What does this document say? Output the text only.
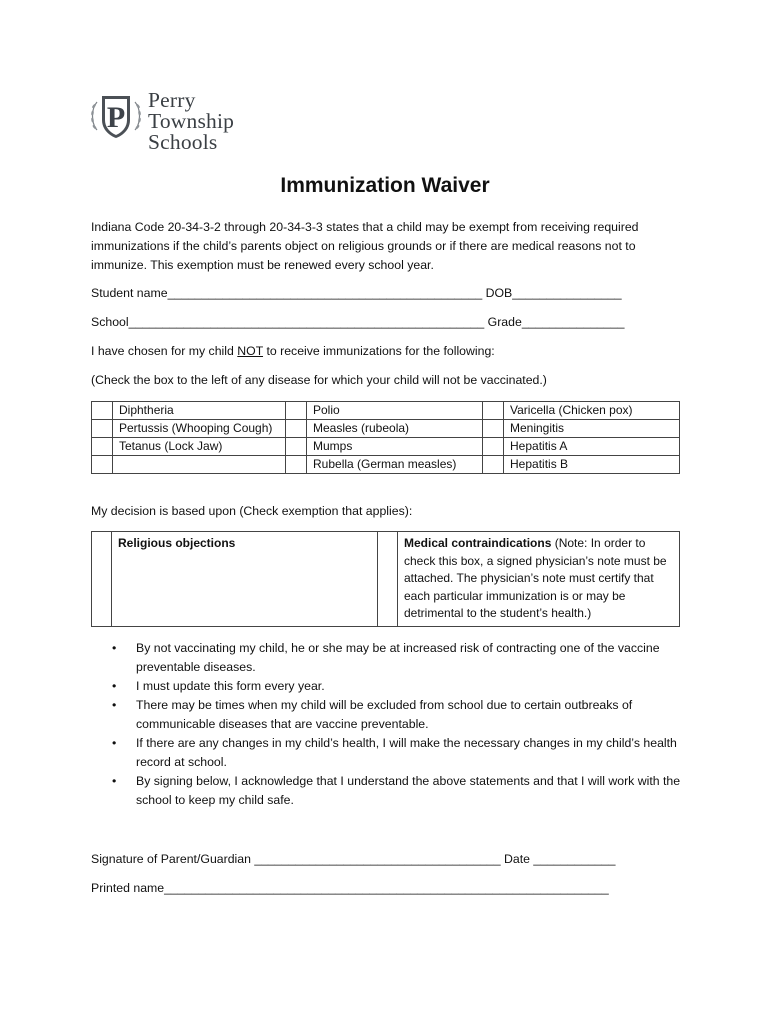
P
Perry
Township
Schools
Immunization Waiver
Indiana Code 20-34-3-2 through 20-34-3-3 states that a child may be exempt from receiving required immunizations if the child’s parents object on religious grounds or if there are medical reasons not to immunize. This exemption must be renewed every school year.
Student name______________________________________________ DOB________________
School____________________________________________________ Grade_______________
I have chosen for my child NOT to receive immunizations for the following:
(Check the box to the left of any disease for which your child will not be vaccinated.)
	Diphtheria		Polio		Varicella (Chicken pox)
	Pertussis (Whooping Cough)		Measles (rubeola)		Meningitis
	Tetanus (Lock Jaw)		Mumps		Hepatitis A
			Rubella (German measles)		Hepatitis B
My decision is based upon (Check exemption that applies):
	Religious objections		Medical contraindications (Note: In order to check this box, a signed physician’s note must be attached. The physician’s note must certify that each particular immunization is or may be detrimental to the student’s health.)
• By not vaccinating my child, he or she may be at increased risk of contracting one of the vaccine preventable diseases.
• I must update this form every year.
• There may be times when my child will be excluded from school due to certain outbreaks of communicable diseases that are vaccine preventable.
• If there are any changes in my child’s health, I will make the necessary changes in my child’s health record at school.
• By signing below, I acknowledge that I understand the above statements and that I will work with the school to keep my child safe.
Signature of Parent/Guardian ____________________________________ Date ____________
Printed name_________________________________________________________________
